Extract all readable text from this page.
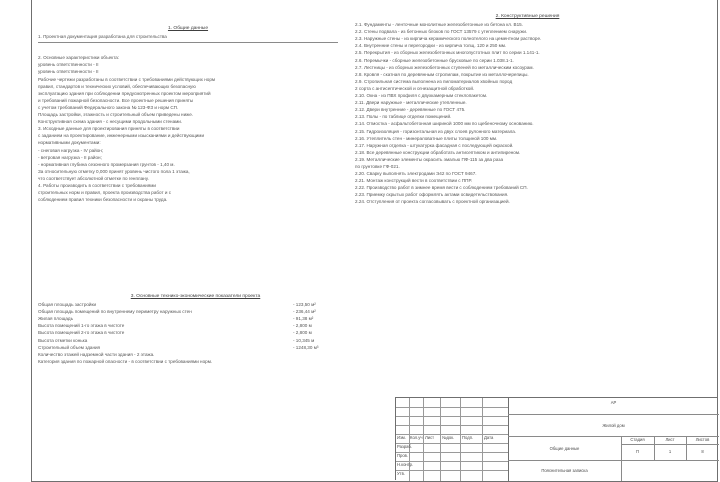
1. Общие данные
1. Проектная документация разработана для строительства

2. Основные характеристики объекта:
уровень ответственности - II
уровень ответственности - II
Рабочие чертежи разработаны в соответствии с требованиями действующих норм
правил, стандартов и технических условий, обеспечивающих безопасную
эксплуатацию здания при соблюдении предусмотренных проектом мероприятий
и требований пожарной безопасности. Все проектные решения приняты
с учетом требований Федерального закона № 123-ФЗ и норм СП.
Площадь застройки, этажность и строительный объем приведены ниже.
Конструктивная схема здания - с несущими продольными стенами.
3. Исходные данные для проектирования приняты в соответствии
с заданием на проектирование, инженерными изысканиями и действующими
нормативными документами:
- снеговая нагрузка - IV район;
- ветровая нагрузка - II район;
- нормативная глубина сезонного промерзания грунтов - 1,40 м.
За относительную отметку 0,000 принят уровень чистого пола 1 этажа,
что соответствует абсолютной отметке по генплану.
4. Работы производить в соответствии с требованиями
строительных норм и правил, проекта производства работ и с
соблюдением правил техники безопасности и охраны труда.
2. Конструктивные решения
2.1. Фундаменты - ленточные монолитные железобетонные из бетона кл. В15.
2.2. Стены подвала - из бетонных блоков по ГОСТ 13579 с утеплением снаружи.
2.3. Наружные стены - из кирпича керамического полнотелого на цементном растворе.
2.4. Внутренние стены и перегородки - из кирпича толщ. 120 и 250 мм.
2.5. Перекрытия - из сборных железобетонных многопустотных плит по серии 1.141-1.
2.6. Перемычки - сборные железобетонные брусковые по серии 1.038.1-1.
2.7. Лестницы - из сборных железобетонных ступеней по металлическим косоурам.
2.8. Кровля - скатная по деревянным стропилам, покрытие из металлочерепицы.
2.9. Стропильная система выполнена из пиломатериалов хвойных пород
2 сорта с антисептической и огнезащитной обработкой.
2.10. Окна - из ПВХ профиля с двухкамерным стеклопакетом.
2.11. Двери наружные - металлические утепленные.
2.12. Двери внутренние - деревянные по ГОСТ 475.
2.13. Полы - по таблице отделки помещений.
2.14. Отмостка - асфальтобетонная шириной 1000 мм по щебеночному основанию.
2.15. Гидроизоляция - горизонтальная из двух слоев рулонного материала.
2.16. Утеплитель стен - минераловатные плиты толщиной 100 мм.
2.17. Наружная отделка - штукатурка фасадная с последующей окраской.
2.18. Все деревянные конструкции обработать антисептиком и антипиреном.
2.19. Металлические элементы окрасить эмалью ПФ-115 за два раза
по грунтовке ГФ-021.
2.20. Сварку выполнять электродами Э42 по ГОСТ 9467.
2.21. Монтаж конструкций вести в соответствии с ППР.
2.22. Производство работ в зимнее время вести с соблюдением требований СП.
2.23. Приемку скрытых работ оформлять актами освидетельствования.
2.24. Отступления от проекта согласовывать с проектной организацией.
3. Основные технико-экономические показатели проекта
Общая площадь застройки	- 123,50 м²
Общая площадь помещений по внутреннему периметру наружных стен	- 236,44 м²
Жилая площадь	- 91,38 м²
Высота помещений 1-го этажа в чистоте	- 2,800 м
Высота помещений 2-го этажа в чистоте	- 2,800 м
Высота отметки конька	- 10,345 м
Строительный объем здания	- 1248,30 м³
Количество этажей надземной части здания - 2 этажа.
Категория здания по пожарной опасности - в соответствии с требованиями норм.
Изм. Кол.уч Лист №док. Подп.	Дата
Разраб.
Пров.
Н.контр.
Утв.
АР
Жилой дом
Общие данные
Стадия	Лист	Листов
П	1	8
Пояснительная записка
